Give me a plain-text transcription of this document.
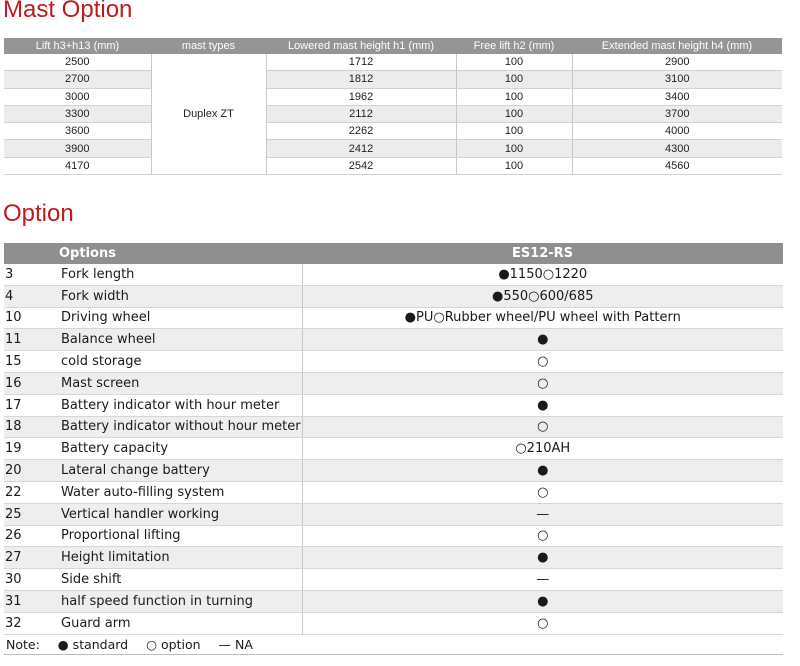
Mast Option
Lift h3+h13 (mm)	mast types	Lowered mast height h1 (mm)	Free lift h2 (mm)	Extended mast height h4 (mm)
2500	Duplex ZT	1712	100	2900
2700		1812	100	3100
3000		1962	100	3400
3300		2112	100	3700
3600		2262	100	4000
3900		2412	100	4300
4170		2542	100	4560
Option
	Options	ES12-RS
3	Fork length	●1150○1220
4	Fork width	●550○600/685
10	Driving wheel	●PU○Rubber wheel/PU wheel with Pattern
11	Balance wheel	●
15	cold storage	○
16	Mast screen	○
17	Battery indicator with hour meter	●
18	Battery indicator without hour meter	○
19	Battery capacity	○210AH
20	Lateral change battery	●
22	Water auto-filling system	○
25	Vertical handler working	—
26	Proportional lifting	○
27	Height limitation	●
30	Side shift	—
31	half speed function in turning	●
32	Guard arm	○
Note: ● standard ○ option — NA
